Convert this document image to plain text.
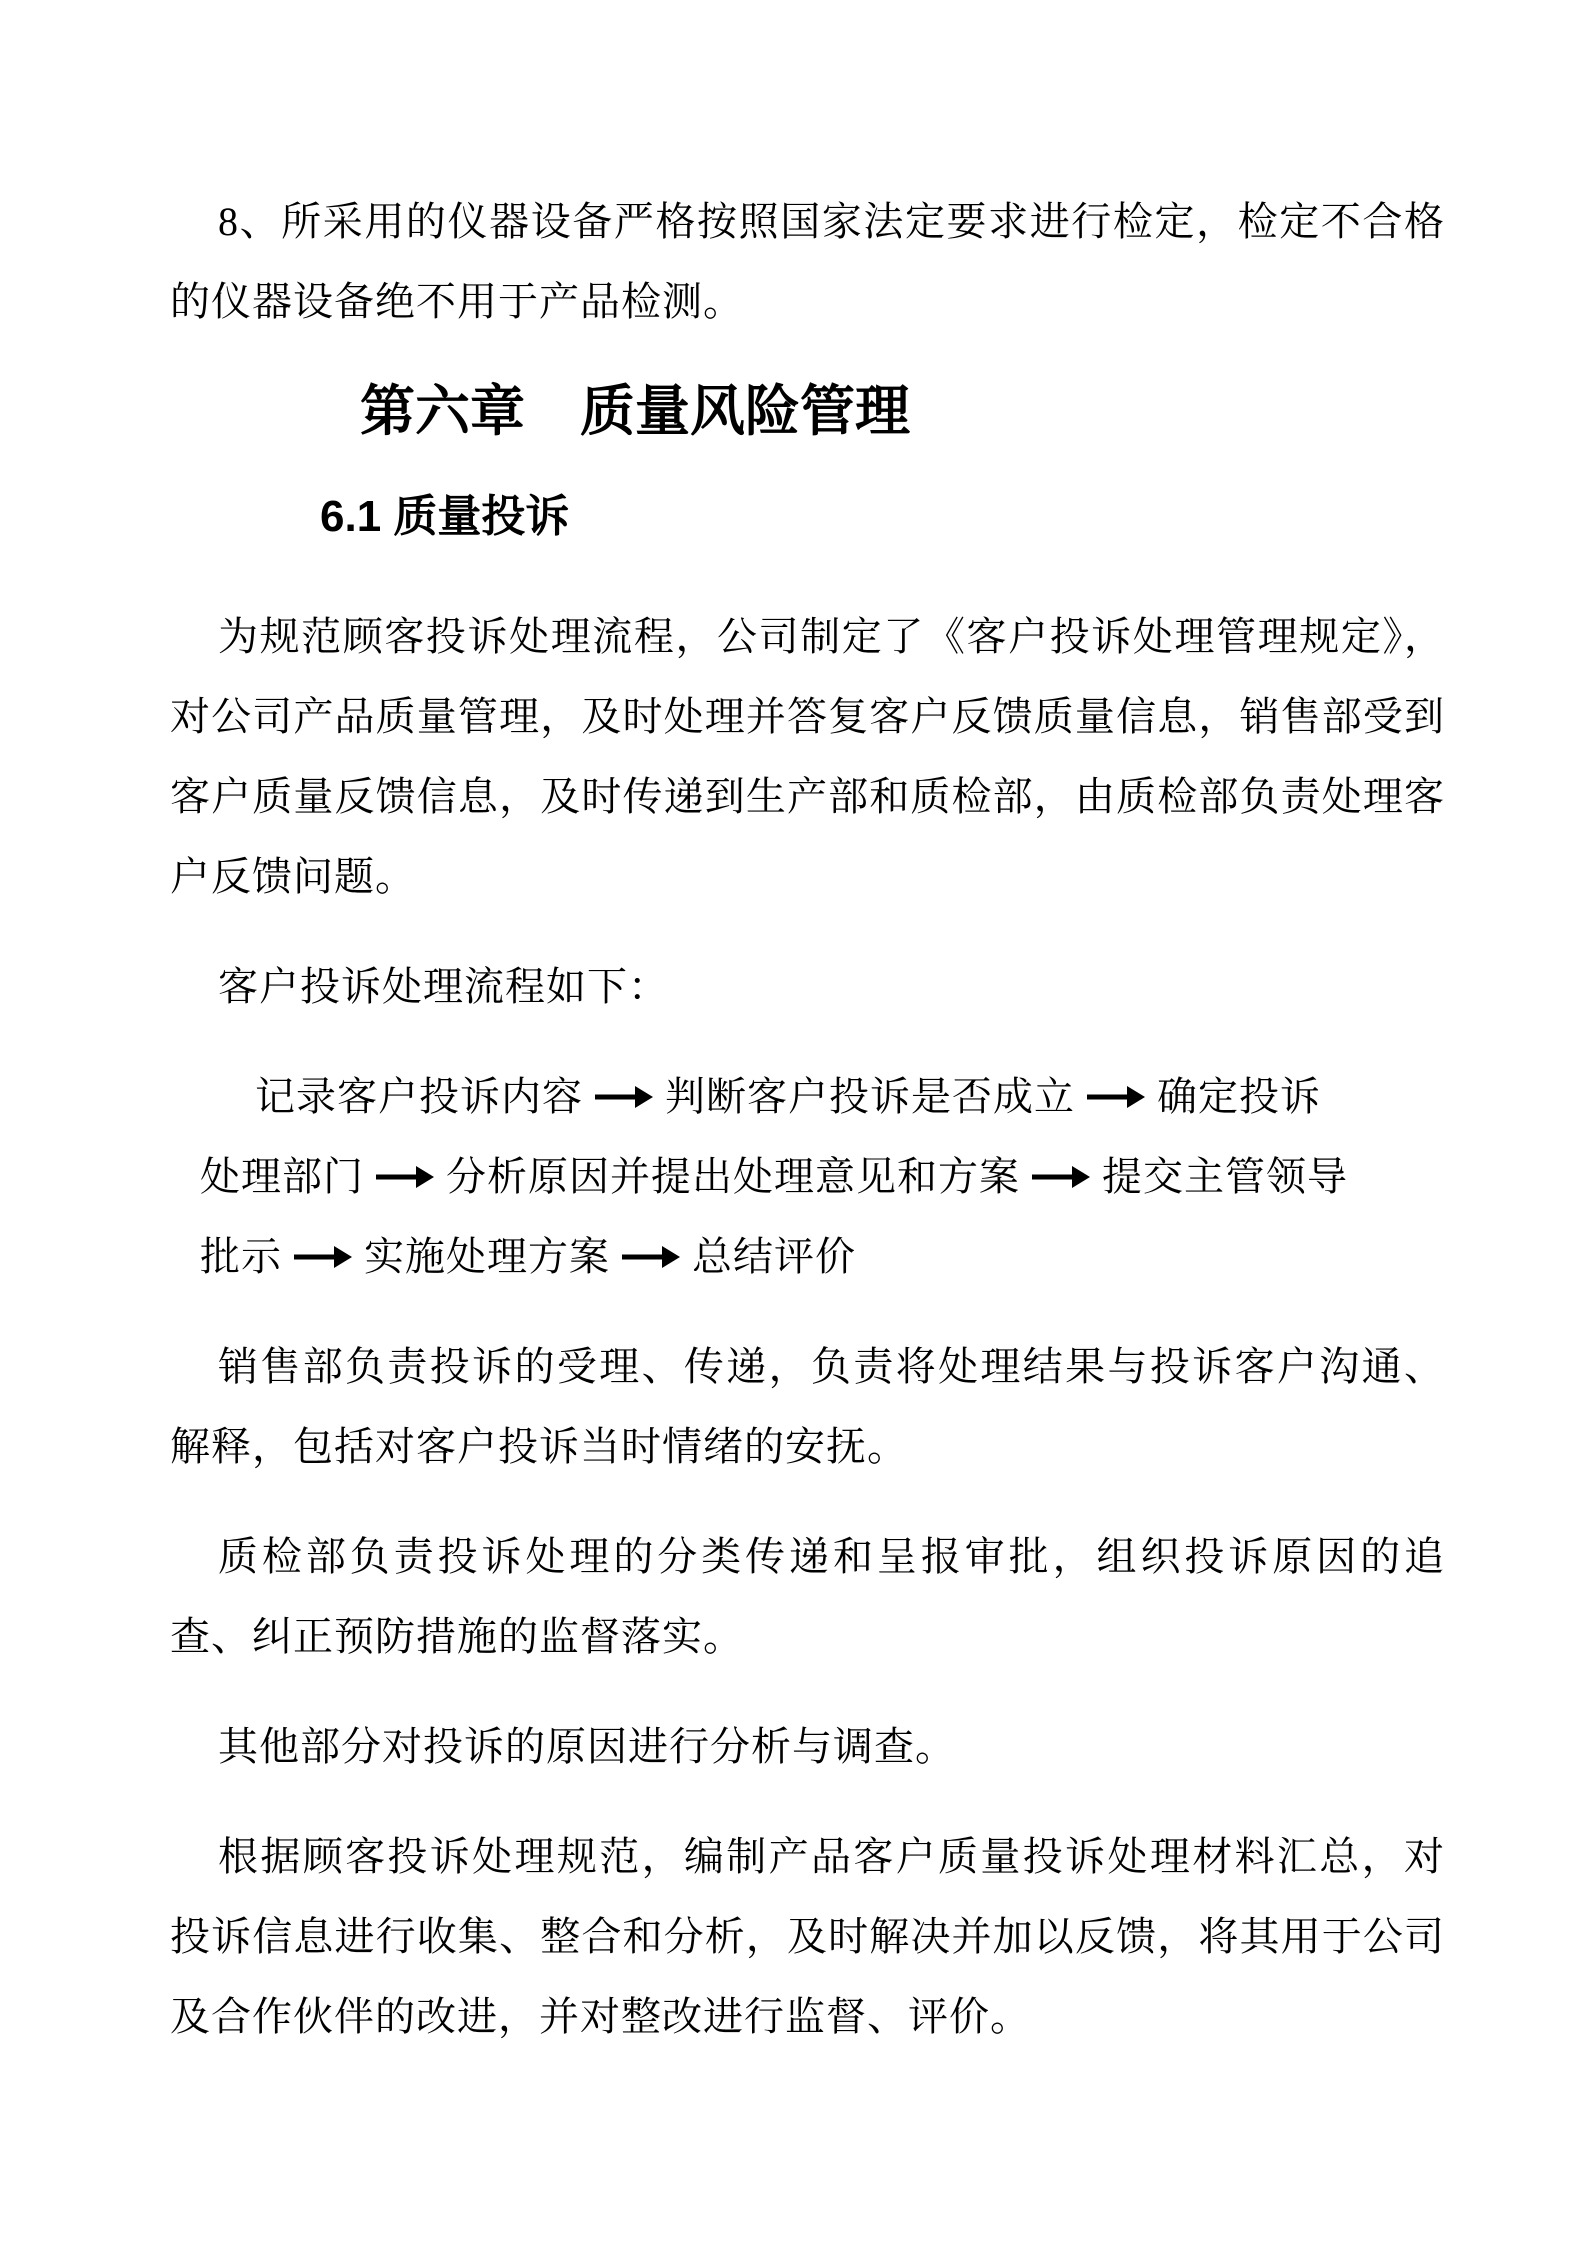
8、所采用的仪器设备严格按照国家法定要求进行检定，检定不合格的仪器设备绝不用于产品检测。

第六章　质量风险管理
6.1 质量投诉

为规范顾客投诉处理流程，公司制定了《客户投诉处理管理规定》，对公司产品质量管理，及时处理并答复客户反馈质量信息，销售部受到客户质量反馈信息，及时传递到生产部和质检部，由质检部负责处理客户反馈问题。

客户投诉处理流程如下：

记录客户投诉内容 判断客户投诉是否成立 确定投诉
处理部门 分析原因并提出处理意见和方案 提交主管领导
批示 实施处理方案 总结评价

销售部负责投诉的受理、传递，负责将处理结果与投诉客户沟通、解释，包括对客户投诉当时情绪的安抚。

质检部负责投诉处理的分类传递和呈报审批，组织投诉原因的追查、纠正预防措施的监督落实。

其他部分对投诉的原因进行分析与调查。

根据顾客投诉处理规范，编制产品客户质量投诉处理材料汇总，对投诉信息进行收集、整合和分析，及时解决并加以反馈，将其用于公司及合作伙伴的改进，并对整改进行监督、评价。
